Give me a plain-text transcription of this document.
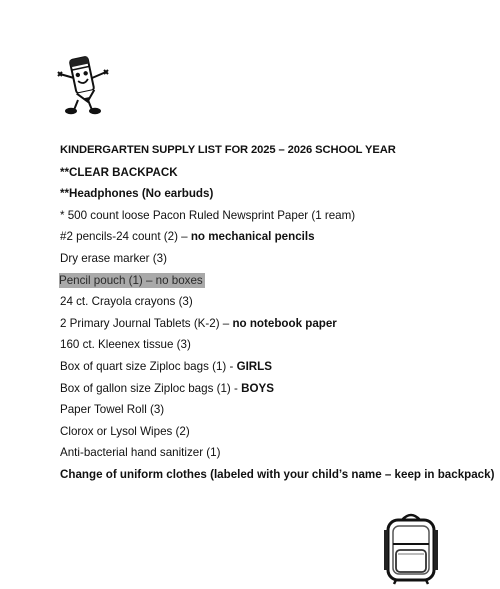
KINDERGARTEN SUPPLY LIST FOR 2025 – 2026 SCHOOL YEAR
**CLEAR BACKPACK
**Headphones (No earbuds)
* 500 count loose Pacon Ruled Newsprint Paper (1 ream)
#2 pencils-24 count (2) – no mechanical pencils
Dry erase marker (3)
Pencil pouch (1) – no boxes
24 ct. Crayola crayons (3)
2 Primary Journal Tablets (K-2) – no notebook paper
160 ct. Kleenex tissue (3)
Box of quart size Ziploc bags (1) - GIRLS
Box of gallon size Ziploc bags (1) - BOYS
Paper Towel Roll (3)
Clorox or Lysol Wipes (2)
Anti-bacterial hand sanitizer (1)
Change of uniform clothes (labeled with your child’s name – keep in backpack)
